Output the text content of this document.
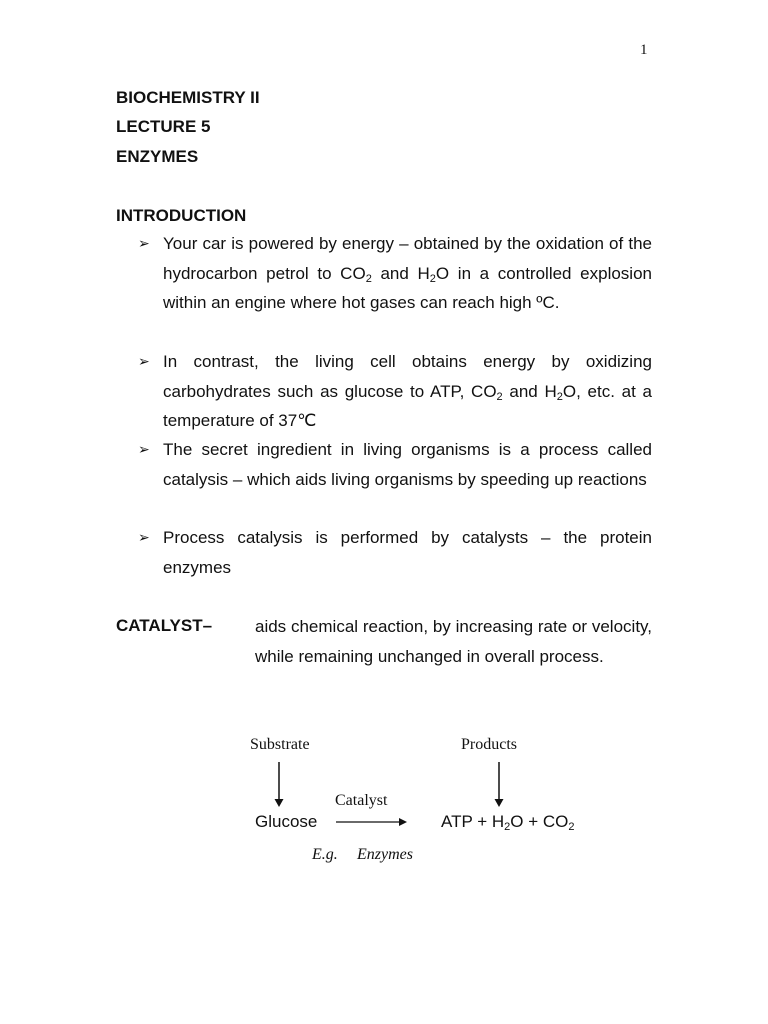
1
BIOCHEMISTRY II
LECTURE 5
ENZYMES
INTRODUCTION
➢ Your car is powered by energy – obtained by the oxidation of the hydrocarbon petrol to $CO_2$ and $H_2O$ in a controlled explosion within an engine where hot gases can reach high ºC.
➢ In contrast, the living cell obtains energy by oxidizing carbohydrates such as glucose to ATP, $CO_2$ and $H_2O$, etc. at a temperature of 37℃
➢ The secret ingredient in living organisms is a process called catalysis – which aids living organisms by speeding up reactions
➢ Process catalysis is performed by catalysts – the protein enzymes
CATALYST–	aids chemical reaction, by increasing rate or velocity, while remaining unchanged in overall process.
Substrate	Products
Catalyst
Glucose	ATP + $H_2O + CO_2$
E.g. Enzymes
